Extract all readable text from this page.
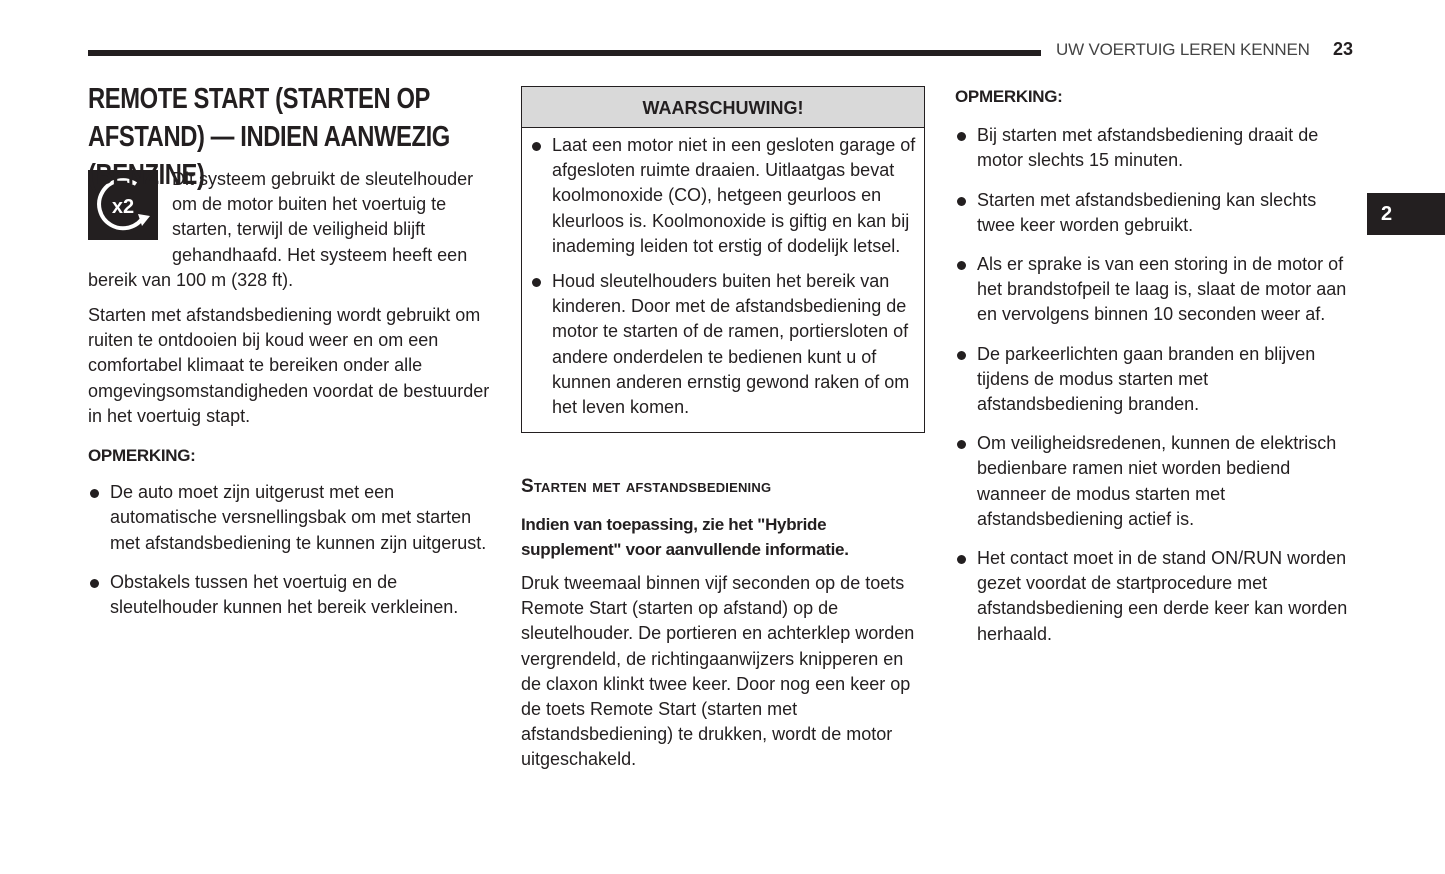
UW VOERTUIG LEREN KENNEN 23
2
REMOTE START (STARTEN OP AFSTAND) — INDIEN AANWEZIG (BENZINE)
x2

Dit systeem gebruikt de sleutelhouder om de motor buiten het voertuig te starten, terwijl de veiligheid blijft gehandhaafd. Het systeem heeft een bereik van 100 m (328 ft).

Starten met afstandsbediening wordt gebruikt om ruiten te ontdooien bij koud weer en om een comfortabel klimaat te bereiken onder alle omgevingsomstandigheden voordat de bestuurder in het voertuig stapt.

OPMERKING:

De auto moet zijn uitgerust met een automatische versnellingsbak om met starten met afstandsbediening te kunnen zijn uitgerust.
Obstakels tussen het voertuig en de sleutelhouder kunnen het bereik verkleinen.
WAARSCHUWING!
Laat een motor niet in een gesloten garage of afgesloten ruimte draaien. Uitlaatgas bevat koolmonoxide (CO), hetgeen geurloos en kleurloos is. Koolmonoxide is giftig en kan bij inademing leiden tot erstig of dodelijk letsel.
Houd sleutelhouders buiten het bereik van kinderen. Door met de afstandsbediening de motor te starten of de ramen, portiersloten of andere onderdelen te bedienen kunt u of kunnen anderen ernstig gewond raken of om het leven komen.
Starten met afstandsbediening

Indien van toepassing, zie het "Hybride supplement" voor aanvullende informatie.

Druk tweemaal binnen vijf seconden op de toets Remote Start (starten op afstand) op de sleutelhouder. De portieren en achterklep worden vergrendeld, de richtingaanwijzers knipperen en de claxon klinkt twee keer. Door nog een keer op de toets Remote Start (starten met afstandsbediening) te drukken, wordt de motor uitgeschakeld.

OPMERKING:

Bij starten met afstandsbediening draait de motor slechts 15 minuten.
Starten met afstandsbediening kan slechts twee keer worden gebruikt.
Als er sprake is van een storing in de motor of het brandstofpeil te laag is, slaat de motor aan en vervolgens binnen 10 seconden weer af.
De parkeerlichten gaan branden en blijven tijdens de modus starten met afstandsbediening branden.
Om veiligheidsredenen, kunnen de elektrisch bedienbare ramen niet worden bediend wanneer de modus starten met afstandsbediening actief is.
Het contact moet in de stand ON/RUN worden gezet voordat de startprocedure met afstandsbediening een derde keer kan worden herhaald.
